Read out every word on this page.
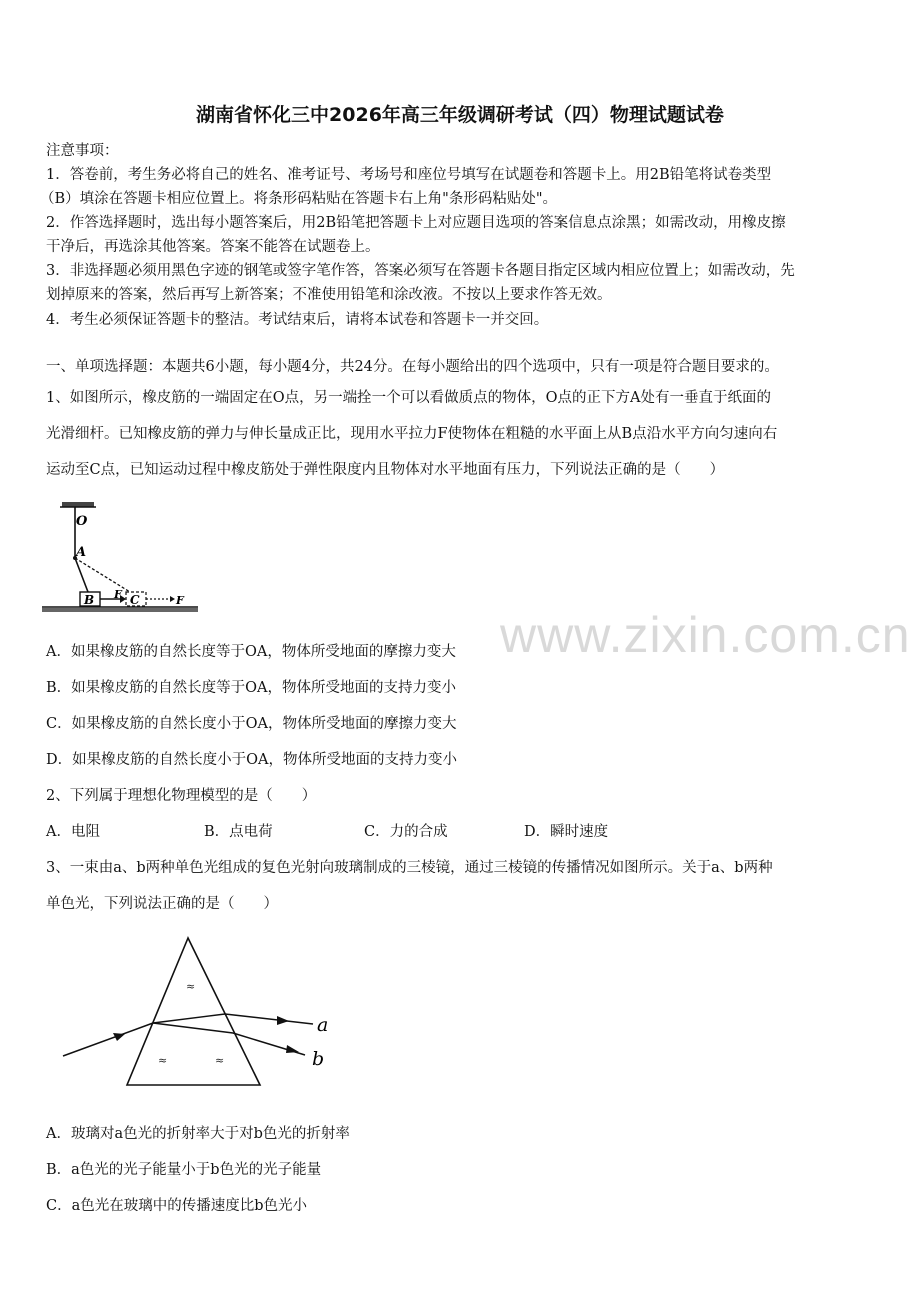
湖南省怀化三中2026年高三年级调研考试（四）物理试题试卷
注意事项：
1．答卷前，考生务必将自己的姓名、准考证号、考场号和座位号填写在试题卷和答题卡上。用2B铅笔将试卷类型
（B）填涂在答题卡相应位置上。将条形码粘贴在答题卡右上角"条形码粘贴处"。
2．作答选择题时，选出每小题答案后，用2B铅笔把答题卡上对应题目选项的答案信息点涂黑；如需改动，用橡皮擦
干净后，再选涂其他答案。答案不能答在试题卷上。
3．非选择题必须用黑色字迹的钢笔或签字笔作答，答案必须写在答题卡各题目指定区域内相应位置上；如需改动，先
划掉原来的答案，然后再写上新答案；不准使用铅笔和涂改液。不按以上要求作答无效。
4．考生必须保证答题卡的整洁。考试结束后，请将本试卷和答题卡一并交回。
一、单项选择题：本题共6小题，每小题4分，共24分。在每小题给出的四个选项中，只有一项是符合题目要求的。
1、如图所示，橡皮筋的一端固定在O点，另一端拴一个可以看做质点的物体，O点的正下方A处有一垂直于纸面的
光滑细杆。已知橡皮筋的弹力与伸长量成正比，现用水平拉力F使物体在粗糙的水平面上从B点沿水平方向匀速向右
运动至C点，已知运动过程中橡皮筋处于弹性限度内且物体对水平地面有压力，下列说法正确的是（　　）
O
A
B F C	F
www.zixin.com.cn
A．如果橡皮筋的自然长度等于OA，物体所受地面的摩擦力变大
B．如果橡皮筋的自然长度等于OA，物体所受地面的支持力变小
C．如果橡皮筋的自然长度小于OA，物体所受地面的摩擦力变大
D．如果橡皮筋的自然长度小于OA，物体所受地面的支持力变小
2、下列属于理想化物理模型的是（　　）
A．电阻	B．点电荷	C．力的合成	D．瞬时速度
3、一束由a、b两种单色光组成的复色光射向玻璃制成的三棱镜，通过三棱镜的传播情况如图所示。关于a、b两种
单色光，下列说法正确的是（　　）
≈
≈	≈
a
b
A．玻璃对a色光的折射率大于对b色光的折射率
B．a色光的光子能量小于b色光的光子能量
C．a色光在玻璃中的传播速度比b色光小
